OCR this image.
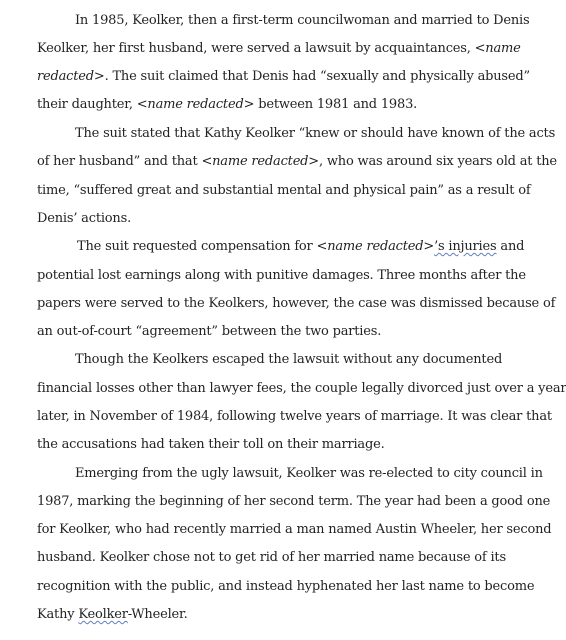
In 1985, Keolker, then a first-term councilwoman and married to Denis
Keolker, her first husband, were served a lawsuit by acquaintances, <name
redacted>. The suit claimed that Denis had “sexually and physically abused”
their daughter, <name redacted> between 1981 and 1983.
The suit stated that Kathy Keolker “knew or should have known of the acts
of her husband” and that <name redacted>, who was around six years old at the
time, “suffered great and substantial mental and physical pain” as a result of
Denis’ actions.
The suit requested compensation for <name redacted>’s injuries and
potential lost earnings along with punitive damages. Three months after the
papers were served to the Keolkers, however, the case was dismissed because of
an out-of-court “agreement” between the two parties.
Though the Keolkers escaped the lawsuit without any documented
financial losses other than lawyer fees, the couple legally divorced just over a year
later, in November of 1984, following twelve years of marriage. It was clear that
the accusations had taken their toll on their marriage.
Emerging from the ugly lawsuit, Keolker was re-elected to city council in
1987, marking the beginning of her second term. The year had been a good one
for Keolker, who had recently married a man named Austin Wheeler, her second
husband. Keolker chose not to get rid of her married name because of its
recognition with the public, and instead hyphenated her last name to become
Kathy Keolker-Wheeler.
